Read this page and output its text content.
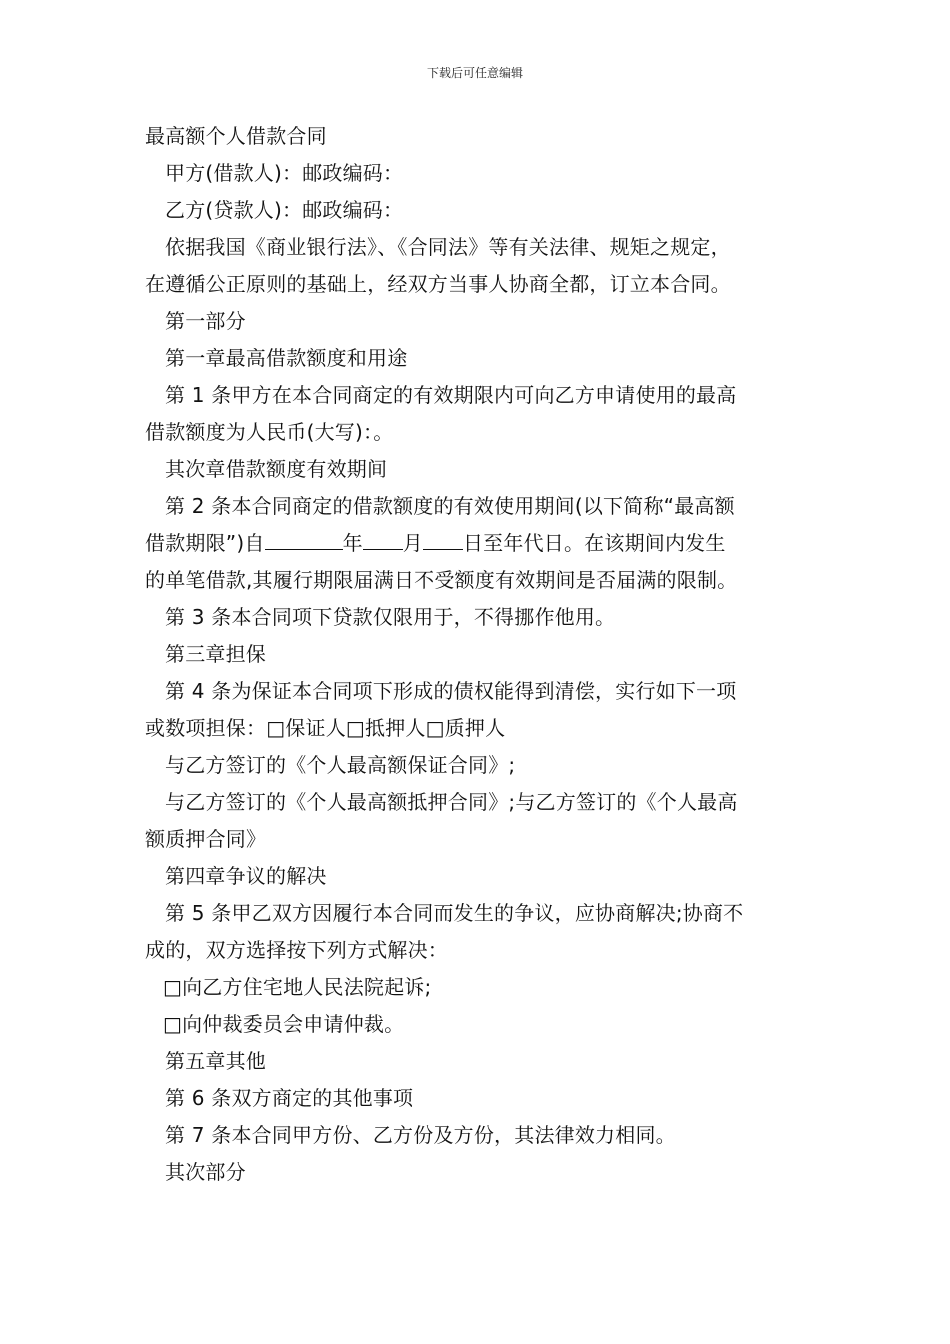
下载后可任意编辑
最高额个人借款合同
甲方(借款人)：邮政编码：
乙方(贷款人)：邮政编码：
依据我国《商业银行法》、《合同法》等有关法律、规矩之规定，
在遵循公正原则的基础上，经双方当事人协商全都，订立本合同。
第一部分
第一章最高借款额度和用途
第 1 条甲方在本合同商定的有效期限内可向乙方申请使用的最高
借款额度为人民币(大写)：。
其次章借款额度有效期间
第 2 条本合同商定的借款额度的有效使用期间(以下简称“最高额
借款期限”)自	年 月 日至年代日。在该期间内发生
的单笔借款,其履行期限届满日不受额度有效期间是否届满的限制。
第 3 条本合同项下贷款仅限用于，不得挪作他用。
第三章担保
第 4 条为保证本合同项下形成的债权能得到清偿，实行如下一项
或数项担保：□保证人□抵押人□质押人
与乙方签订的《个人最高额保证合同》;
与乙方签订的《个人最高额抵押合同》;与乙方签订的《个人最高
额质押合同》
第四章争议的解决
第 5 条甲乙双方因履行本合同而发生的争议，应协商解决;协商不
成的，双方选择按下列方式解决：
□向乙方住宅地人民法院起诉;
□向仲裁委员会申请仲裁。
第五章其他
第 6 条双方商定的其他事项
第 7 条本合同甲方份、乙方份及方份，其法律效力相同。
其次部分
